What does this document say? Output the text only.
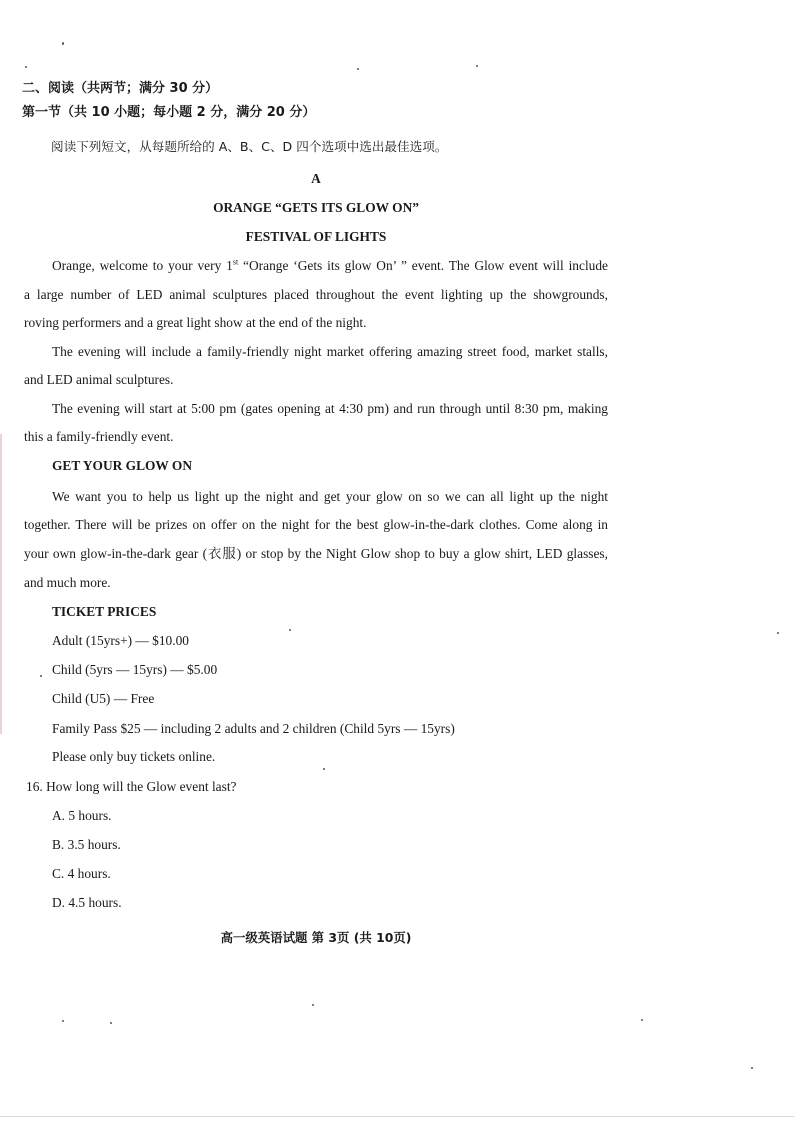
二、阅读（共两节；满分 30 分）
第一节（共 10 小题；每小题 2 分，满分 20 分）
阅读下列短文，从每题所给的 A、B、C、D 四个选项中选出最佳选项。
A
ORANGE “GETS ITS GLOW ON”
FESTIVAL OF LIGHTS
Orange, welcome to your very 1st “Orange ‘Gets its glow On’ ” event. The Glow event will include
a large number of LED animal sculptures placed throughout the event lighting up the showgrounds,
roving performers and a great light show at the end of the night.
The evening will include a family-friendly night market offering amazing street food, market stalls,
and LED animal sculptures.
The evening will start at 5:00 pm (gates opening at 4:30 pm) and run through until 8:30 pm, making
this a family-friendly event.
GET YOUR GLOW ON
We want you to help us light up the night and get your glow on so we can all light up the night
together. There will be prizes on offer on the night for the best glow-in-the-dark clothes. Come along in
your own glow-in-the-dark gear (衣服) or stop by the Night Glow shop to buy a glow shirt, LED glasses,
and much more.
TICKET PRICES
Adult (15yrs+) — $10.00
Child (5yrs — 15yrs) — $5.00
Child (U5) — Free
Family Pass $25 — including 2 adults and 2 children (Child 5yrs — 15yrs)
Please only buy tickets online.
16. How long will the Glow event last?
A. 5 hours.
B. 3.5 hours.
C. 4 hours.
D. 4.5 hours.
高一级英语试题 第 3页 (共 10页)
